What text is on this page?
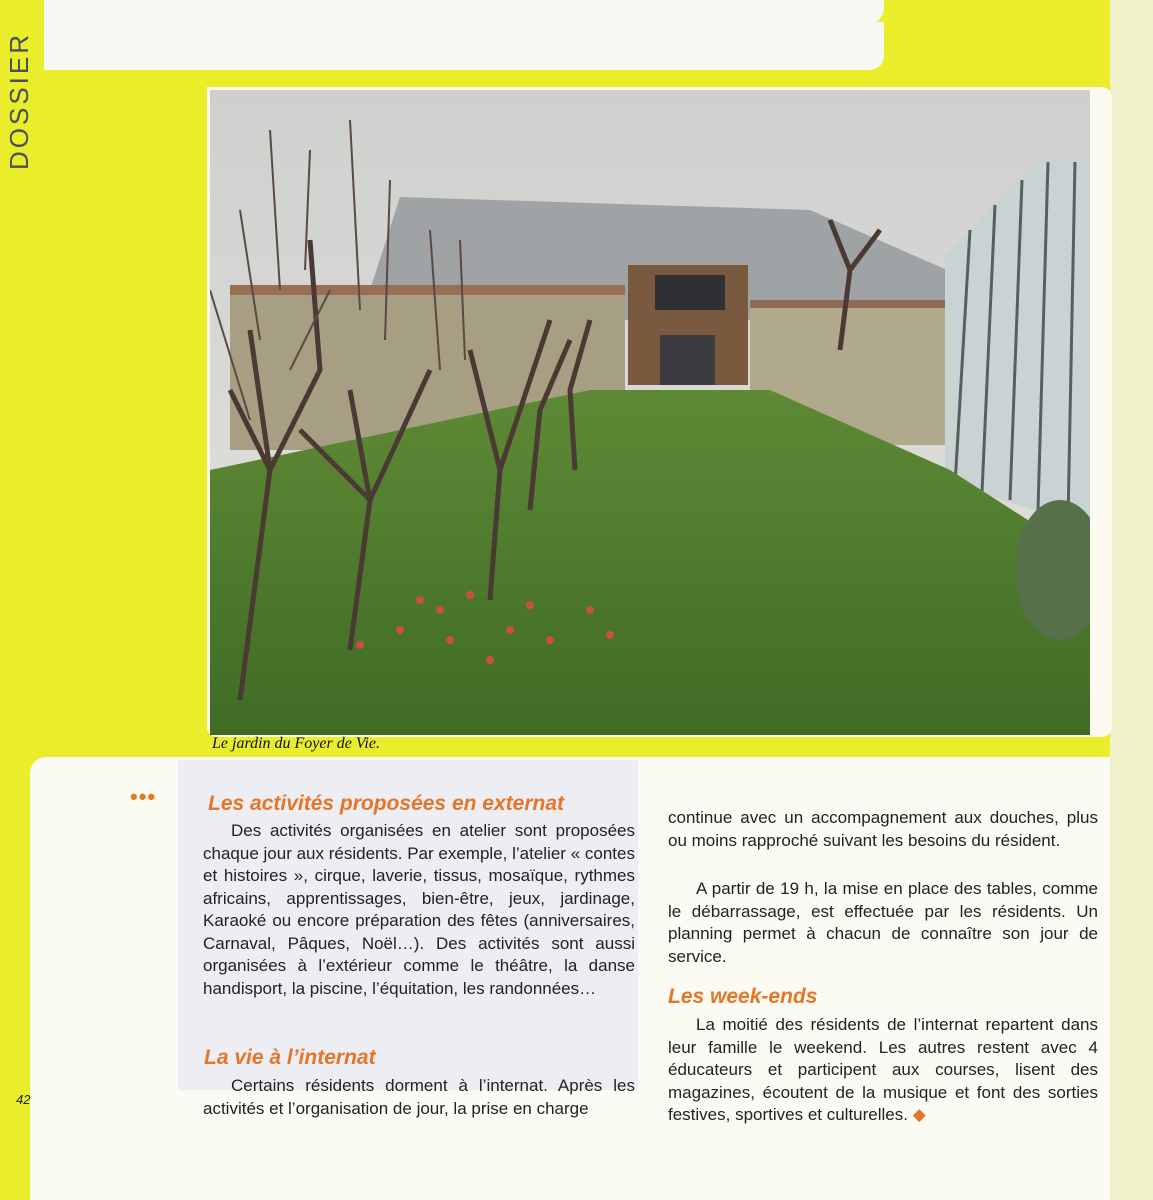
DOSSIER
Le jardin du Foyer de Vie.
••• Les activités proposées en externat

Des activités organisées en atelier sont proposées chaque jour aux résidents. Par exemple, l’atelier « contes et histoires », cirque, laverie, tissus, mosaïque, rythmes africains, apprentissages, bien-être, jeux, jardinage, Karaoké ou encore préparation des fêtes (anniversaires, Carnaval, Pâques, Noël…). Des activités sont aussi organisées à l’extérieur comme le théâtre, la danse handisport, la piscine, l’équitation, les randonnées…

La vie à l’internat

Certains résidents dorment à l’internat. Après les activités et l’organisation de jour, la prise en charge

continue avec un accompagnement aux douches, plus ou moins rapproché suivant les besoins du résident.

A partir de 19 h, la mise en place des tables, comme le débarrassage, est effectuée par les résidents. Un planning permet à chacun de connaître son jour de service.

Les week-ends

La moitié des résidents de l’internat repartent dans leur famille le weekend. Les autres restent avec 4 éducateurs et participent aux courses, lisent des magazines, écoutent de la musique et font des sorties festives, sportives et culturelles. ◆

42
